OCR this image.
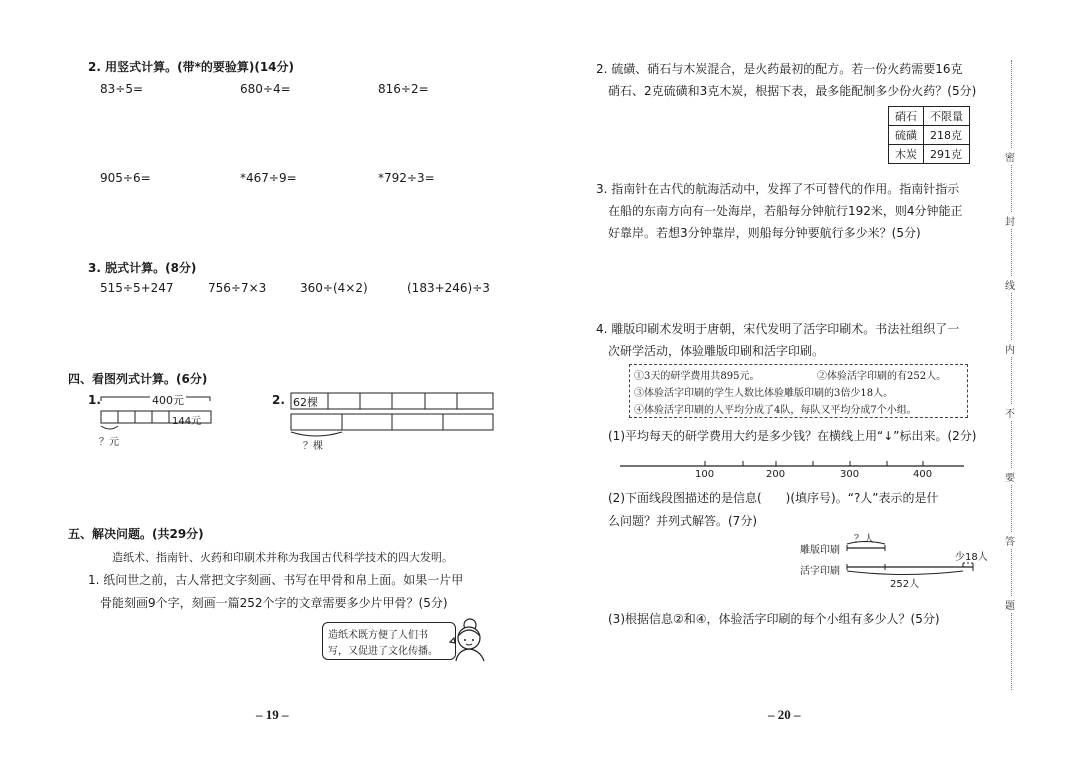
2. 用竖式计算。(带*的要验算)(14分)
83÷5=	680÷4=	816÷2=
905÷6=	*467÷9=	*792÷3=
3. 脱式计算。(8分)
515÷5+247	756÷7×3	360÷(4×2)	(183+246)÷3
四、看图列式计算。(6分)
1.	400元
144元
？元
2. 62棵
？棵
五、解决问题。(共29分)
造纸术、指南针、火药和印刷术并称为我国古代科学技术的四大发明。
1. 纸问世之前，古人常把文字刻画、书写在甲骨和帛上面。如果一片甲
骨能刻画9个字，刻画一篇252个字的文章需要多少片甲骨？(5分)
造纸术既方便了人们书
写，又促进了文化传播。
– 19 –
2. 硫磺、硝石与木炭混合，是火药最初的配方。若一份火药需要16克
硝石、2克硫磺和3克木炭，根据下表，最多能配制多少份火药？(5分)
硝石	不限量
硫磺	218克
木炭	291克
3. 指南针在古代的航海活动中，发挥了不可替代的作用。指南针指示
在船的东南方向有一处海岸，若船每分钟航行192米，则4分钟能正
好靠岸。若想3分钟靠岸，则船每分钟要航行多少米？(5分)
4. 雕版印刷术发明于唐朝，宋代发明了活字印刷术。书法社组织了一
次研学活动，体验雕版印刷和活字印刷。
①3天的研学费用共895元。	②体验活字印刷的有252人。
③体验活字印刷的学生人数比体验雕版印刷的3倍少18人。
④体验活字印刷的人平均分成了4队，每队又平均分成7个小组。
(1)平均每天的研学费用大约是多少钱？在横线上用“↓”标出来。(2分)
100	200	300	400
(2)下面线段图描述的是信息(　　)(填序号)。“?人”表示的是什
么问题？并列式解答。(7分)
雕版印刷
活字印刷
？人
少18人
252人
(3)根据信息②和④，体验活字印刷的每个小组有多少人？(5分)
– 20 –
密
封
线
内
不
要
答
题
